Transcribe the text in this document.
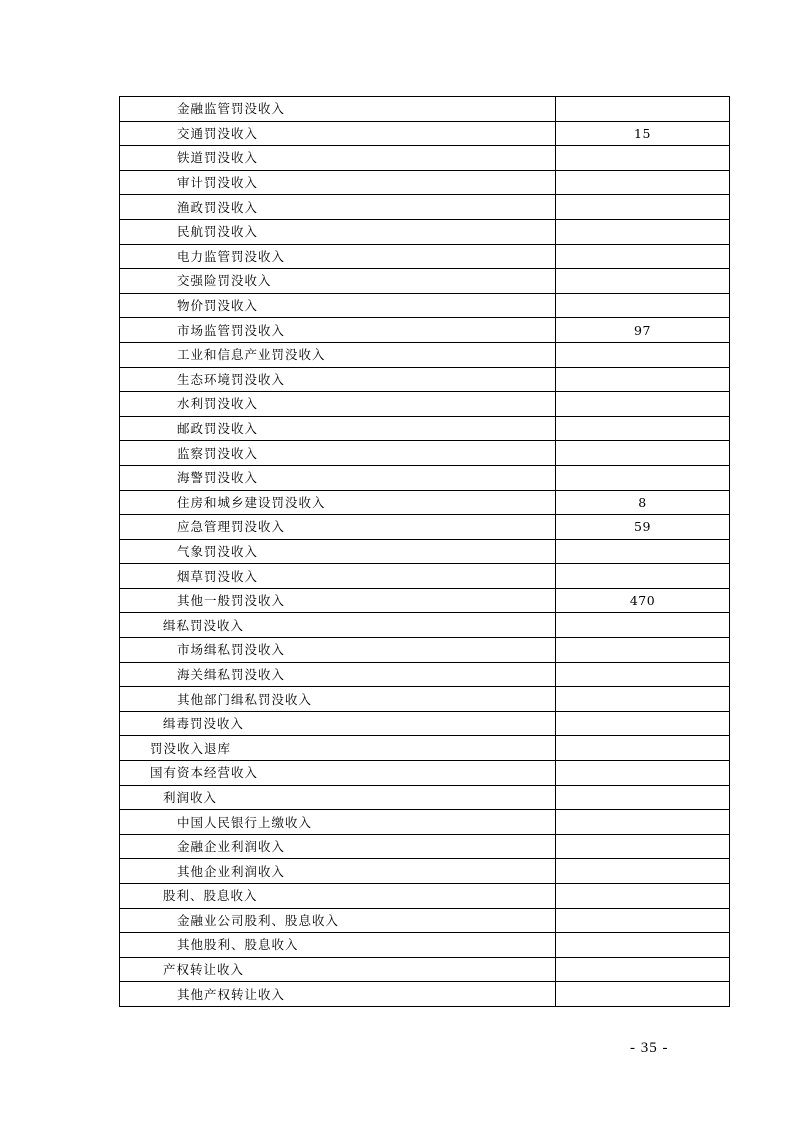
金融监管罚没收入	
交通罚没收入	15
铁道罚没收入	
审计罚没收入	
渔政罚没收入	
民航罚没收入	
电力监管罚没收入	
交强险罚没收入	
物价罚没收入	
市场监管罚没收入	97
工业和信息产业罚没收入	
生态环境罚没收入	
水利罚没收入	
邮政罚没收入	
监察罚没收入	
海警罚没收入	
住房和城乡建设罚没收入	8
应急管理罚没收入	59
气象罚没收入	
烟草罚没收入	
其他一般罚没收入	470
缉私罚没收入	
市场缉私罚没收入	
海关缉私罚没收入	
其他部门缉私罚没收入	
缉毒罚没收入	
罚没收入退库	
国有资本经营收入	
利润收入	
中国人民银行上缴收入	
金融企业利润收入	
其他企业利润收入	
股利、股息收入	
金融业公司股利、股息收入	
其他股利、股息收入	
产权转让收入	
其他产权转让收入	
- 35 -
